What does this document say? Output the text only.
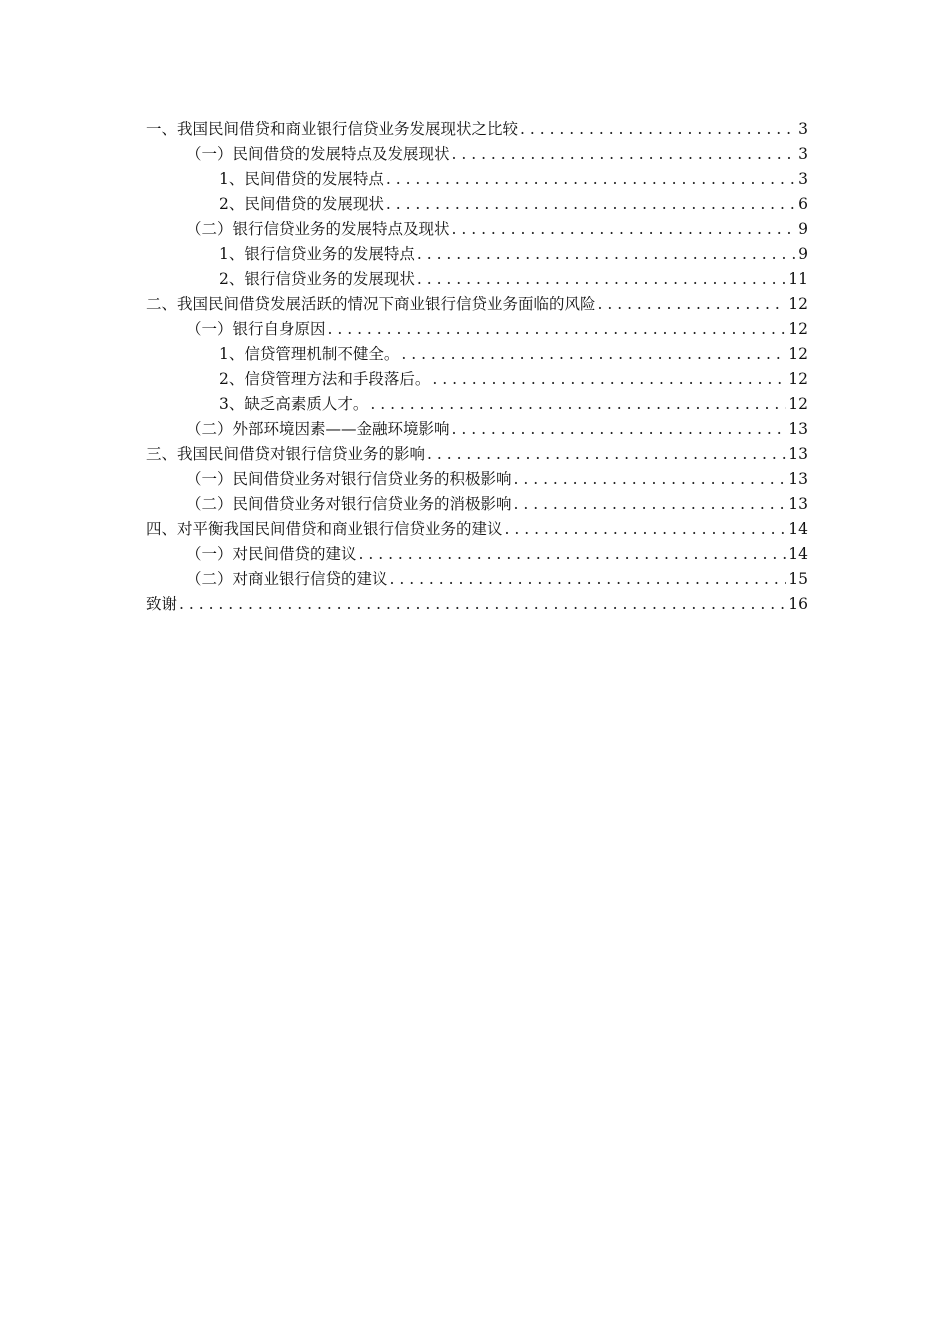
一、我国民间借贷和商业银行信贷业务发展现状之比较 . . .	3
（一）民间借贷的发展特点及发展现状 . . .	3
1、民间借贷的发展特点 . . .	3
2、民间借贷的发展现状 . . .	6
（二）银行信贷业务的发展特点及现状 . . .	9
1、银行信贷业务的发展特点 . . .	9
2、银行信贷业务的发展现状 . . .	11
二、我国民间借贷发展活跃的情况下商业银行信贷业务面临的风险 . . .	12
（一）银行自身原因 . . .	12
1、信贷管理机制不健全。 . . .	12
2、信贷管理方法和手段落后。 . . .	12
3、缺乏高素质人才。 . . .	12
（二）外部环境因素——金融环境影响 . . .	13
三、我国民间借贷对银行信贷业务的影响 . . .	13
（一）民间借贷业务对银行信贷业务的积极影响 . . .	13
（二）民间借贷业务对银行信贷业务的消极影响 . . .	13
四、对平衡我国民间借贷和商业银行信贷业务的建议 . . .	14
（一）对民间借贷的建议 . . .	14
（二）对商业银行信贷的建议 . . .	15
致谢 . . .	16
